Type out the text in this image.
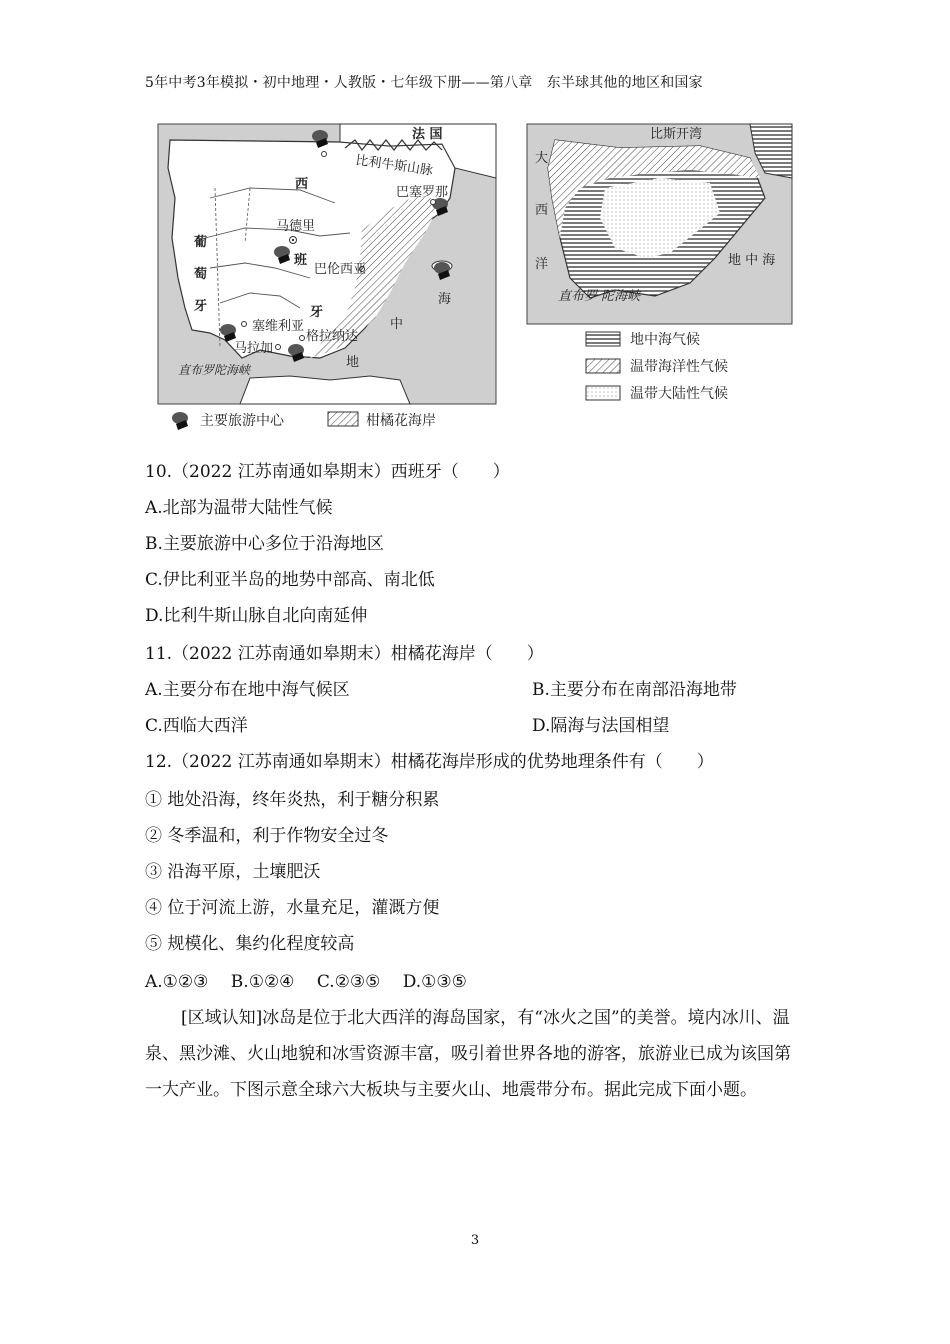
5年中考3年模拟・初中地理・人教版・七年级下册——第八章　东半球其他的地区和国家
法 国
比利牛斯山脉
西
马德里
巴塞罗那
班
巴伦西亚
葡
萄
牙	牙
塞维利亚
格拉纳达
马拉加
直布罗陀海峡
海
中
地
比斯开湾
大
西
洋	地 中 海
直布罗 陀海峡
地中海气候
温带海洋性气候
温带大陆性气候
主要旅游中心	柑橘花海岸
10.（2022 江苏南通如皋期末）西班牙（　　）
A.北部为温带大陆性气候
B.主要旅游中心多位于沿海地区
C.伊比利亚半岛的地势中部高、南北低
D.比利牛斯山脉自北向南延伸
11.（2022 江苏南通如皋期末）柑橘花海岸（　　）
A.主要分布在地中海气候区	B.主要分布在南部沿海地带
C.西临大西洋	D.隔海与法国相望
12.（2022 江苏南通如皋期末）柑橘花海岸形成的优势地理条件有（　　）
① 地处沿海，终年炎热，利于糖分积累
② 冬季温和，利于作物安全过冬
③ 沿海平原，土壤肥沃
④ 位于河流上游，水量充足，灌溉方便
⑤ 规模化、集约化程度较高
A.①②③　 B.①②④　 C.②③⑤　 D.①③⑤
[区域认知]冰岛是位于北大西洋的海岛国家，有“冰火之国”的美誉。境内冰川、温泉、黑沙滩、火山地貌和冰雪资源丰富，吸引着世界各地的游客，旅游业已成为该国第一大产业。下图示意全球六大板块与主要火山、地震带分布。据此完成下面小题。
3
